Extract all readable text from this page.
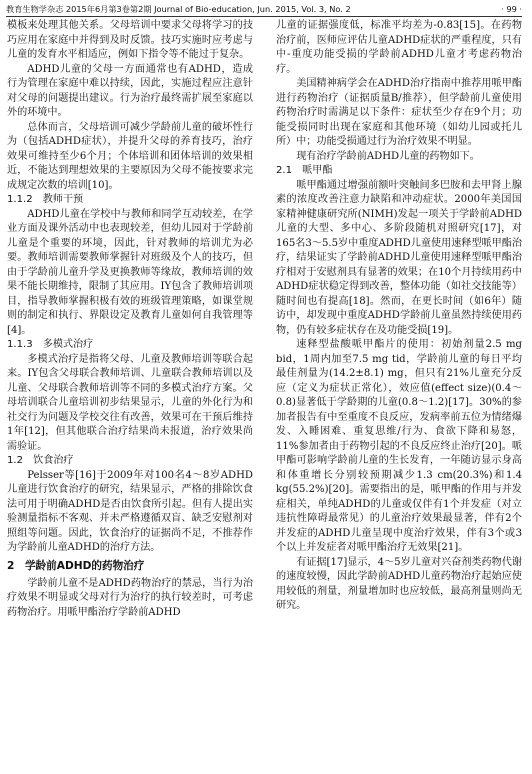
教育生物学杂志 2015年6月第3卷第2期 Journal of Bio-education, Jun. 2015, Vol. 3, No. 2	· 99 ·

模板来处理其他关系。父母培训中要求父母将学习的技巧应用在家庭中并得到及时反馈。技巧实施时应考虑与儿童的发育水平相适应，例如下指令等不能过于复杂。

ADHD儿童的父母一方面通常也有ADHD，造成行为管理在家庭中难以持续，因此，实施过程应注意针对父母的问题提出建议。行为治疗最终需扩展至家庭以外的环境中。

总体而言，父母培训可减少学龄前儿童的破坏性行为（包括ADHD症状），并提升父母的养育技巧，治疗效果可维持至少6个月；个体培训和团体培训的效果相近，不能达到理想效果的主要原因为父母不能按要求完成规定次数的培训[10]。

1.1.2　教师干预

ADHD儿童在学校中与教师和同学互动较差，在学业方面及课外活动中也表现较差，但幼儿园对于学龄前儿童是个重要的环境，因此，针对教师的培训尤为必要。教师培训需要教师掌握针对班级及个人的技巧，但由于学龄前儿童升学及更换教师等缘故，教师培训的效果不能长期维持，限制了其应用。IY包含了教师培训项目，指导教师掌握积极有效的班级管理策略，如课堂规则的制定和执行、界限设定及教育儿童如何自我管理等[4]。

1.1.3　多模式治疗

多模式治疗是指将父母、儿童及教师培训等联合起来。IY包含父母联合教师培训、儿童联合教师培训以及儿童、父母联合教师培训等不同的多模式治疗方案。父母培训联合儿童培训初步结果显示，儿童的外化行为和社交行为问题及学校交往有改善，效果可在干预后维持1年[12]，但其他联合治疗结果尚未报道，治疗效果尚需验证。

1.2　饮食治疗

Pelsser等[16]于2009年对100名4～8岁ADHD儿童进行饮食治疗的研究，结果显示，严格的排除饮食法可用于明确ADHD是否由饮食所引起。但有人提出实验测量指标不客观、并未严格遵循双盲、缺乏安慰剂对照组等问题。因此，饮食治疗的证据尚不足，不推荐作为学龄前儿童ADHD的治疗方法。

2　学龄前ADHD的药物治疗

学龄前儿童不是ADHD药物治疗的禁忌，当行为治疗效果不明显或父母对行为治疗的执行较差时，可考虑药物治疗。用哌甲酯治疗学龄前ADHD

儿童的证据强度低，标准平均差为-0.83[15]。在药物治疗前，医师应评估儿童ADHD症状的严重程度，只有中-重度功能受损的学龄前ADHD儿童才考虑药物治疗。

美国精神病学会在ADHD治疗指南中推荐用哌甲酯进行药物治疗（证据质量B/推荐），但学龄前儿童使用药物治疗时需满足以下条件：症状至少存在9个月；功能受损同时出现在家庭和其他环境（如幼儿园或托儿所）中；功能受损通过行为治疗效果不明显。

现有治疗学龄前ADHD儿童的药物如下。

2.1　哌甲酯

哌甲酯通过增强前额叶突触间多巴胺和去甲肾上腺素的浓度改善注意力缺陷和冲动症状。2000年美国国家精神健康研究所(NIMH)发起一项关于学龄前ADHD儿童的大型、多中心、多阶段随机对照研究[17]，对165名3～5.5岁中重度ADHD儿童使用速释型哌甲酯治疗，结果证实了学龄前ADHD儿童使用速释型哌甲酯治疗相对于安慰剂具有显著的效果；在10个月持续用药中ADHD症状稳定得到改善，整体功能（如社交技能等）随时间也有提高[18]。然而，在更长时间（如6年）随访中，却发现中重度ADHD学龄前儿童虽然持续使用药物，仍有较多症状存在及功能受损[19]。

速释型盐酸哌甲酯片的使用：初始剂量2.5 mg bid，1周内加至7.5 mg tid，学龄前儿童的每日平均最佳剂量为(14.2±8.1) mg，但只有21%儿童充分反应（定义为症状正常化），效应值(effect size)(0.4～0.8)显著低于学龄期的儿童(0.8～1.2)[17]。30%的参加者报告有中至重度不良反应，发病率前五位为情绪爆发、入睡困难、重复思维/行为、食欲下降和易怒，11%参加者由于药物引起的不良反应终止治疗[20]。哌甲酯可影响学龄前儿童的生长发育，一年随访显示身高和体重增长分别较预期减少1.3 cm(20.3%)和1.4 kg(55.2%)[20]。需要指出的是，哌甲酯的作用与并发症相关，单纯ADHD的儿童或仅伴有1个并发症（对立违抗性障碍最常见）的儿童治疗效果最显著，伴有2个并发症的ADHD儿童呈现中度治疗效果，伴有3个或3个以上并发症者对哌甲酯治疗无效果[21]。

有证据[17]显示，4～5岁儿童对兴奋剂类药物代谢的速度较慢，因此学龄前ADHD儿童药物治疗起始应使用较低的剂量，剂量增加时也应较低，最高剂量则尚无研究。
